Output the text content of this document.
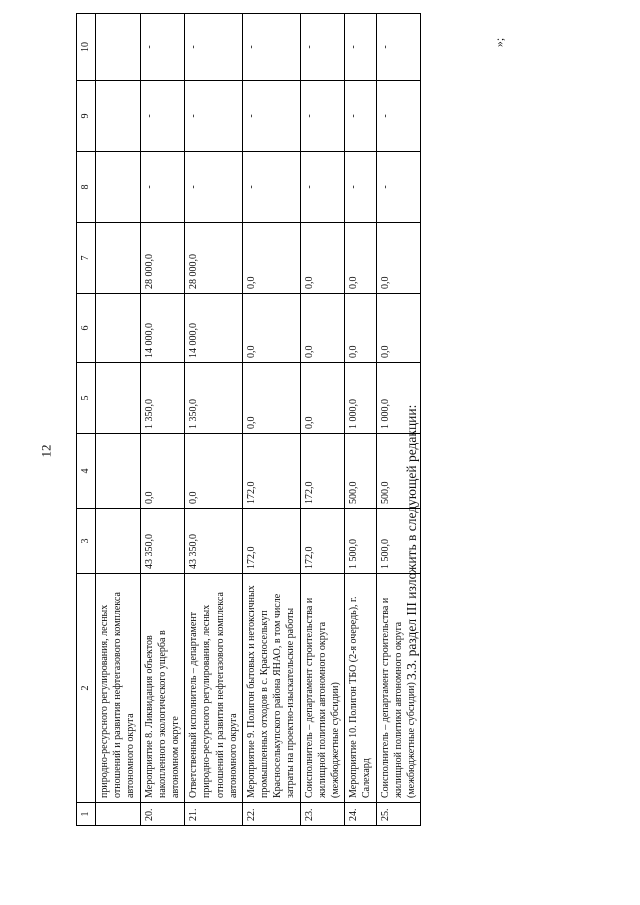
12
»;
3.3. раздел III изложить в следующей редакции:
1	2	3	4	5	6	7	8	9	10
	природно-ресурсного регулирования, лесных отношений и развития нефтегазового комплекса автономного округа								
20.	Мероприятие 8. Ликвидация объектов накопленного экологического ущерба в автономном округе	43 350,0	0,0	1 350,0	14 000,0	28 000,0	-	-	-
21.	Ответственный исполнитель – департамент природно-ресурсного регулирования, лесных отношений и развития нефтегазового комплекса автономного округа	43 350,0	0,0	1 350,0	14 000,0	28 000,0	-	-	-
22.	Мероприятие 9. Полигон бытовых и нетоксичных промышленных отходов в с. Красноселькуп Красноселькупского района ЯНАО, в том числе затраты на проектно-изыскательские работы	172,0	172,0	0,0	0,0	0,0	-	-	-
23.	Соисполнитель – департамент строительства и жилищной политики автономного округа (межбюджетные субсидии)	172,0	172,0	0,0	0,0	0,0	-	-	-
24.	Мероприятие 10. Полигон ТБО (2-я очередь), г. Салехард	1 500,0	500,0	1 000,0	0,0	0,0	-	-	-
25.	Соисполнитель – департамент строительства и жилищной политики автономного округа (межбюджетные субсидии)	1 500,0	500,0	1 000,0	0,0	0,0	-	-	-
